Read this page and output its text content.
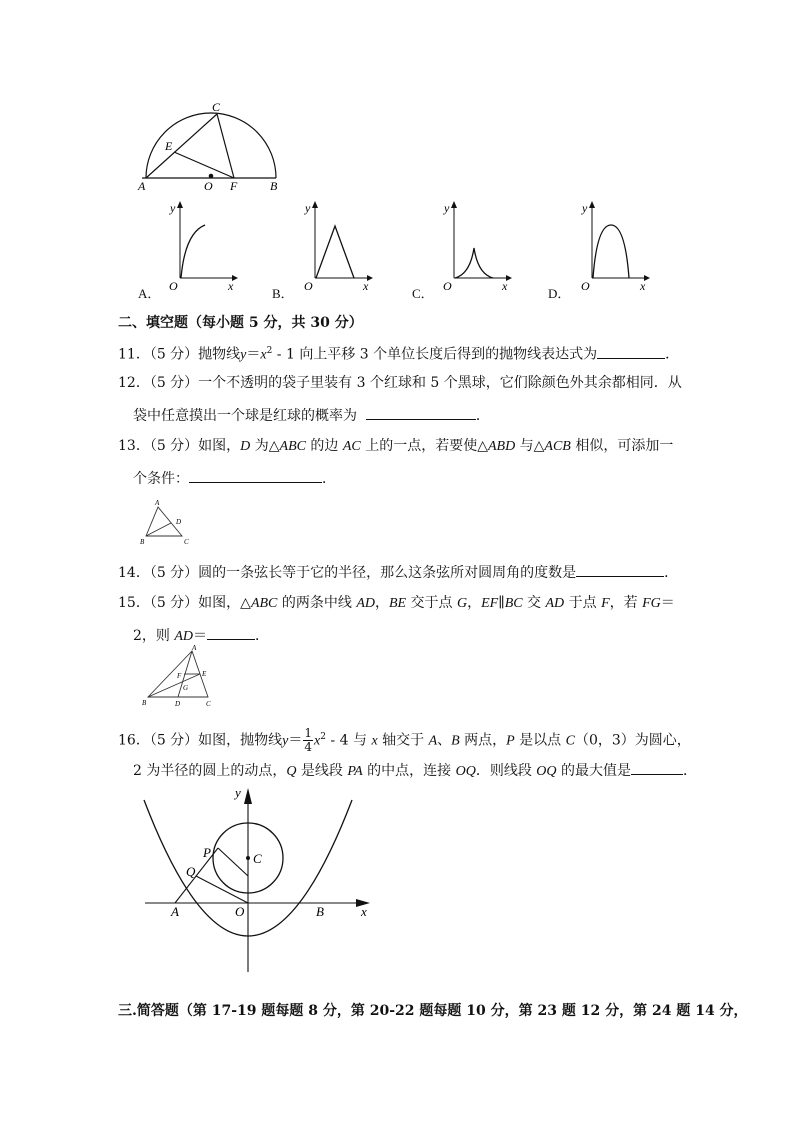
C
E
A	O F	B
A．
y
O	x	B．
y
O	x	C．
y
O	x	D．
y
O	x
二、填空题（每小题 5 分，共 30 分）
11．（5 分）抛物线$y=x^2 - 1$ 向上平移 3 个单位长度后得到的抛物线表达式为	．
12．（5 分）一个不透明的袋子里装有 3 个红球和 5 个黑球，它们除颜色外其余都相同．从
袋中任意摸出一个球是红球的概率为	．
13．（5 分）如图，D 为△ABC 的边 AC 上的一点，若要使△ABD 与△ACB 相似，可添加一
个条件：	．
A
D
B	C
14．（5 分）圆的一条弦长等于它的半径，那么这条弦所对圆周角的度数是	．
15．（5 分）如图，△ABC 的两条中线 AD，BE 交于点 G，EF∥BC 交 AD 于点 F，若 FG＝
2，则 AD＝	．
A
F	E
G
B	D	C
16．（5 分）如图，抛物线$y= \frac{1}{4} x^2 - 4$ 与 x 轴交于 A、B 两点，P 是以点 C（0，3）为圆心，
2 为半径的圆上的动点，Q 是线段 PA 的中点，连接 OQ．则线段 OQ 的最大值是	．
y
x
P	C
Q
A	O	B
三.简答题（第 17-19 题每题 8 分，第 20-22 题每题 10 分，第 23 题 12 分，第 24 题 14 分，
